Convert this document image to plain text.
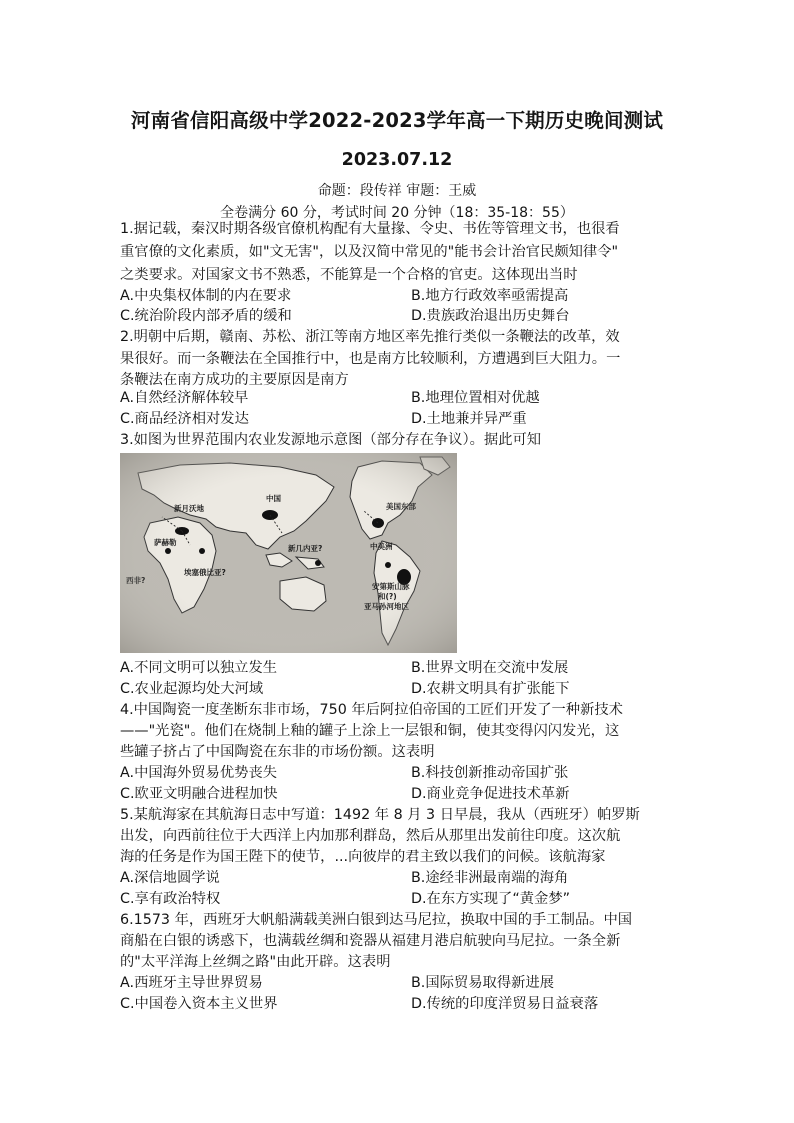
河南省信阳高级中学2022-2023学年高一下期历史晚间测试
2023.07.12
命题：段传祥 审题：王威
全卷满分 60 分，考试时间 20 分钟（18：35-18：55）
1.据记载，秦汉时期各级官僚机构配有大量掾、令史、书佐等管理文书，也很看
重官僚的文化素质，如"文无害"，以及汉简中常见的"能书会计治官民颇知律令"
之类要求。对国家文书不熟悉，不能算是一个合格的官吏。这体现出当时
A.中央集权体制的内在要求	B.地方行政效率亟需提高
C.统治阶段内部矛盾的缓和	D.贵族政治退出历史舞台
2.明朝中后期，赣南、苏松、浙江等南方地区率先推行类似一条鞭法的改革，效
果很好。而一条鞭法在全国推行中，也是南方比较顺利，方遭遇到巨大阻力。一
条鞭法在南方成功的主要原因是南方
A.自然经济解体较早	B.地理位置相对优越
C.商品经济相对发达	D.土地兼并异严重
3.如图为世界范围内农业发源地示意图（部分存在争议）。据此可知
A.不同文明可以独立发生	B.世界文明在交流中发展
C.农业起源均处大河域	D.农耕文明具有扩张能下
4.中国陶瓷一度垄断东非市场，750 年后阿拉伯帝国的工匠们开发了一种新技术
——"光瓷"。他们在烧制上釉的罐子上涂上一层银和铜，使其变得闪闪发光，这
些罐子挤占了中国陶瓷在东非的市场份额。这表明
A.中国海外贸易优势丧失	B.科技创新推动帝国扩张
C.欧亚文明融合进程加快	D.商业竞争促进技术革新
5.某航海家在其航海日志中写道：1492 年 8 月 3 日早晨，我从（西班牙）帕罗斯
出发，向西前往位于大西洋上内加那利群岛，然后从那里出发前往印度。这次航
海的任务是作为国王陛下的使节，...向彼岸的君主致以我们的问候。该航海家
A.深信地圆学说	B.途经非洲最南端的海角
C.享有政治特权	D.在东方实现了“黄金梦”
6.1573 年，西班牙大帆船满载美洲白银到达马尼拉，换取中国的手工制品。中国
商船在白银的诱惑下，也满载丝绸和瓷器从福建月港启航驶向马尼拉。一条全新
的"太平洋海上丝绸之路"由此开辟。这表明
A.西班牙主导世界贸易	B.国际贸易取得新进展
C.中国卷入资本主义世界	D.传统的印度洋贸易日益衰落
